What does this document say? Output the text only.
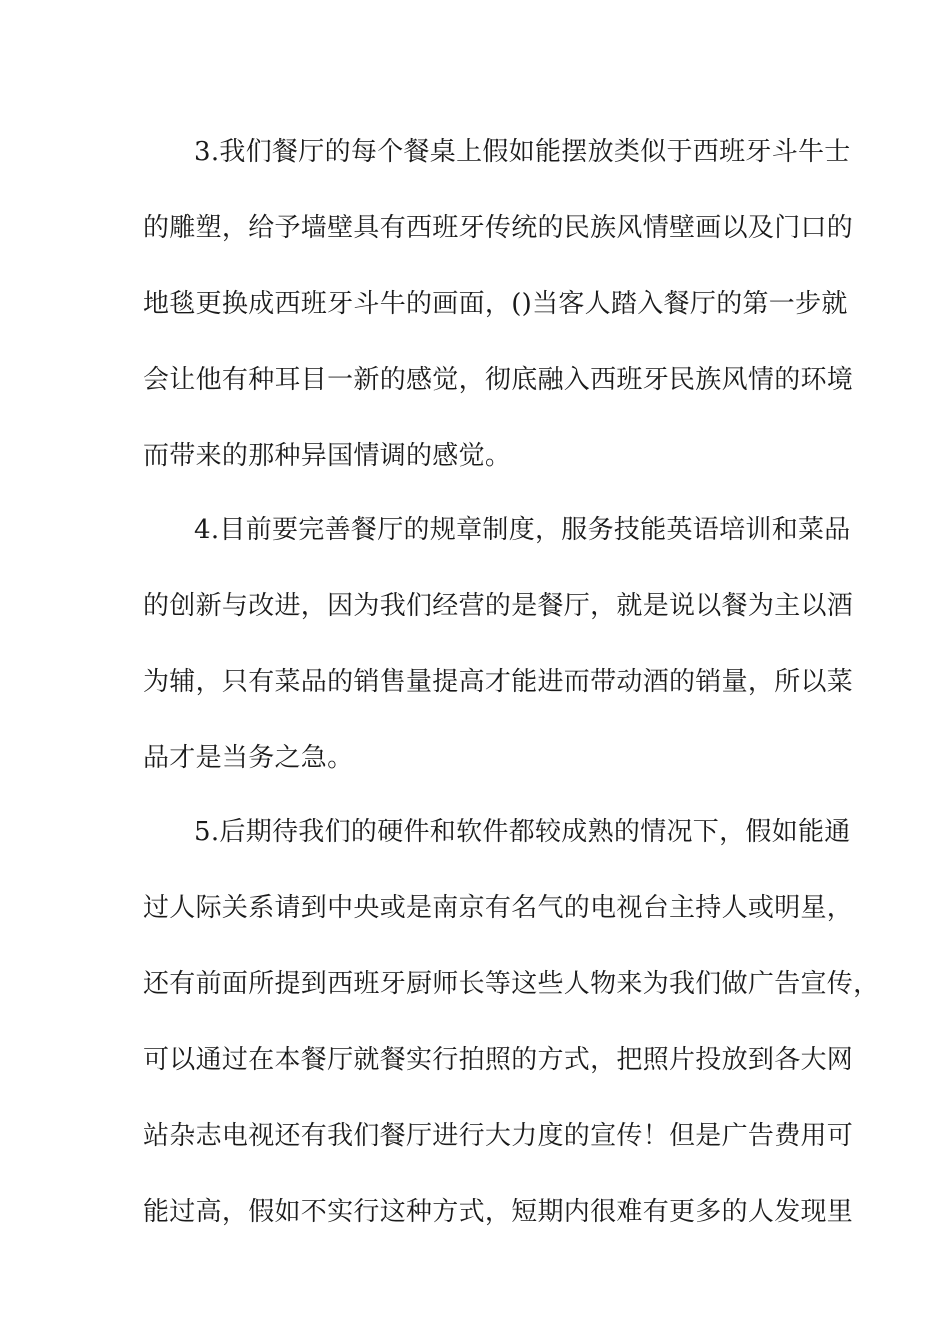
3.我们餐厅的每个餐桌上假如能摆放类似于西班牙斗牛士

的雕塑，给予墙壁具有西班牙传统的民族风情壁画以及门口的

地毯更换成西班牙斗牛的画面，()当客人踏入餐厅的第一步就

会让他有种耳目一新的感觉，彻底融入西班牙民族风情的环境

而带来的那种异国情调的感觉。

4.目前要完善餐厅的规章制度，服务技能英语培训和菜品

的创新与改进，因为我们经营的是餐厅，就是说以餐为主以酒

为辅，只有菜品的销售量提高才能进而带动酒的销量，所以菜

品才是当务之急。

5.后期待我们的硬件和软件都较成熟的情况下，假如能通

过人际关系请到中央或是南京有名气的电视台主持人或明星，

还有前面所提到西班牙厨师长等这些人物来为我们做广告宣传，

可以通过在本餐厅就餐实行拍照的方式，把照片投放到各大网

站杂志电视还有我们餐厅进行大力度的宣传！但是广告费用可

能过高，假如不实行这种方式，短期内很难有更多的人发现里
